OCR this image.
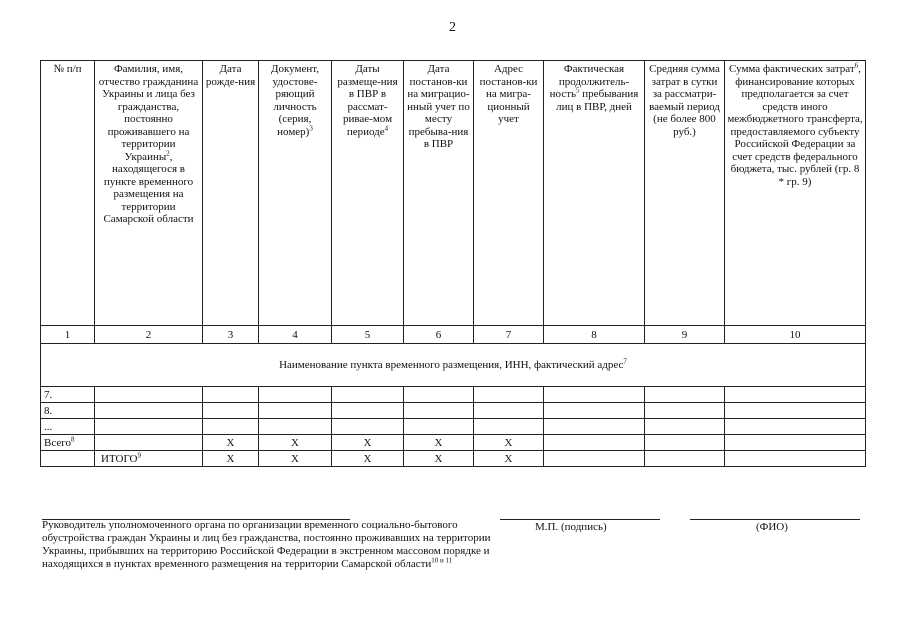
2
№ п/п	Фамилия, имя, отчество гражданина Украины и лица без гражданства, постоянно проживавшего на территории Украины$^2$, находящегося в пункте временного размещения на территории Самарской области	Дата рожде-ния	Документ, удостове-ряющий личность (серия, номер)$^3$	Даты размеще-ния в ПВР в рассмат-ривае-мом периоде$^4$	Дата постанов-ки на миграцио-нный учет по месту пребыва-ния в ПВР	Адрес постанов-ки на мигра-ционный учет	Фактическая продолжитель-ность$^5$ пребывания лиц в ПВР, дней	Средняя сумма затрат в сутки за рассматри-ваемый период (не более 800 руб.)	Сумма фактических затрат$^6$, финансирование которых предполагается за счет средств иного межбюджетного трансферта, предоставляемого субъекту Российской Федерации за счет средств федерального бюджета, тыс. рублей (гр. 8 * гр. 9)
1	2	3	4	5	6	7	8	9	10
Наименование пункта временного размещения, ИНН, фактический адрес$^7$
7.									
8.									
...									
Всего$^8$		Х	Х	Х	Х	Х			
	ИТОГО$^9$	Х	Х	Х	Х	Х			
Руководитель уполномоченного органа по организации временного социально-бытового обустройства граждан Украины и лиц без гражданства, постоянно проживавших на территории Украины, прибывших на территорию Российской Федерации в экстренном массовом порядке и находящихся в пунктах временного размещения на территории Самарской области$^{10 и 11}$
М.П. (подпись)	(ФИО)
